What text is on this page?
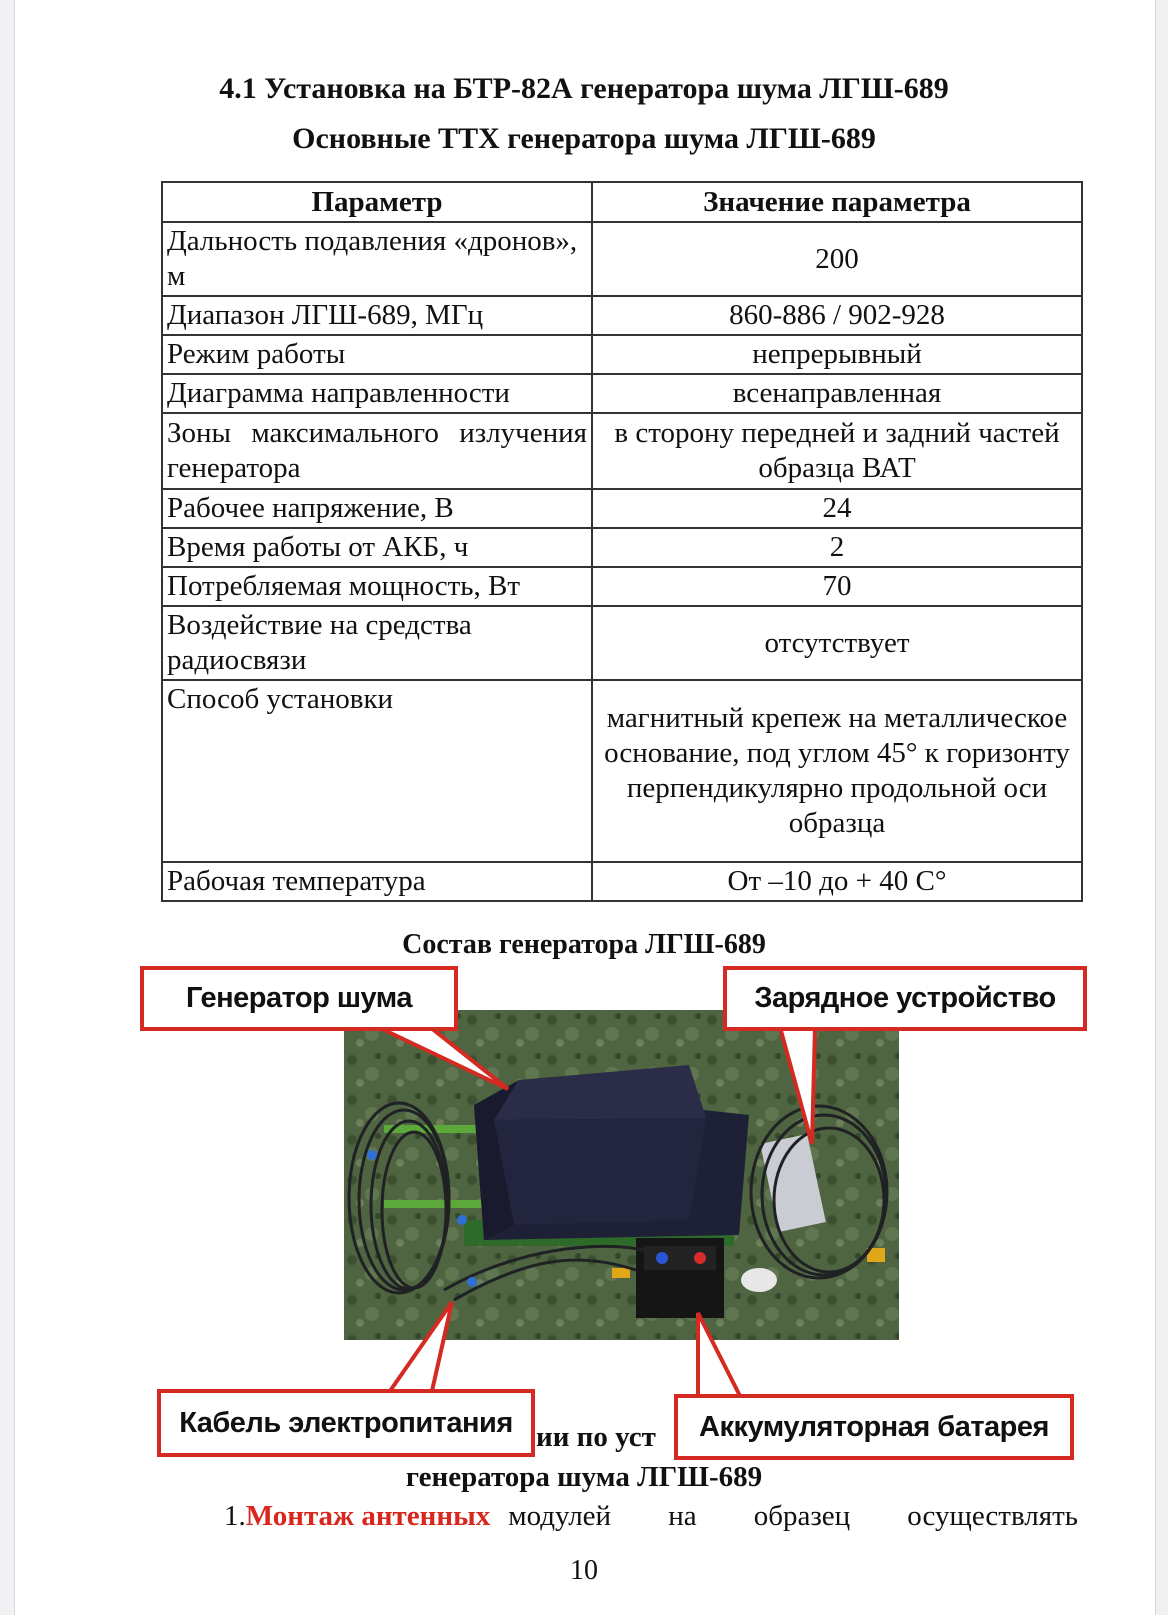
4.1 Установка на БТР-82А генератора шума ЛГШ-689
Основные ТТХ генератора шума ЛГШ-689
Параметр	Значение параметра
Дальность подавления «дронов», м	200
Диапазон ЛГШ-689, МГц	860-886 / 902-928
Режим работы	непрерывный
Диаграмма направленности	всенаправленная
Зоны максимального излучения генератора	в сторону передней и задний частей образца ВАТ
Рабочее напряжение, В	24
Время работы от АКБ, ч	2
Потребляемая мощность, Вт	70
Воздействие на средства радиосвязи	отсутствует
Способ установки	магнитный крепеж на металлическое основание, под углом 45° к горизонту перпендикулярно продольной оси образца
Рабочая температура	От –10 до + 40 С°
Состав генератора ЛГШ-689
Генератор шума	Зарядное устройство
ии по уст
Кабель электропитания	Аккумуляторная батарея
генератора шума ЛГШ-689
1. Монтаж антенных модулей на образец осуществлять
10
